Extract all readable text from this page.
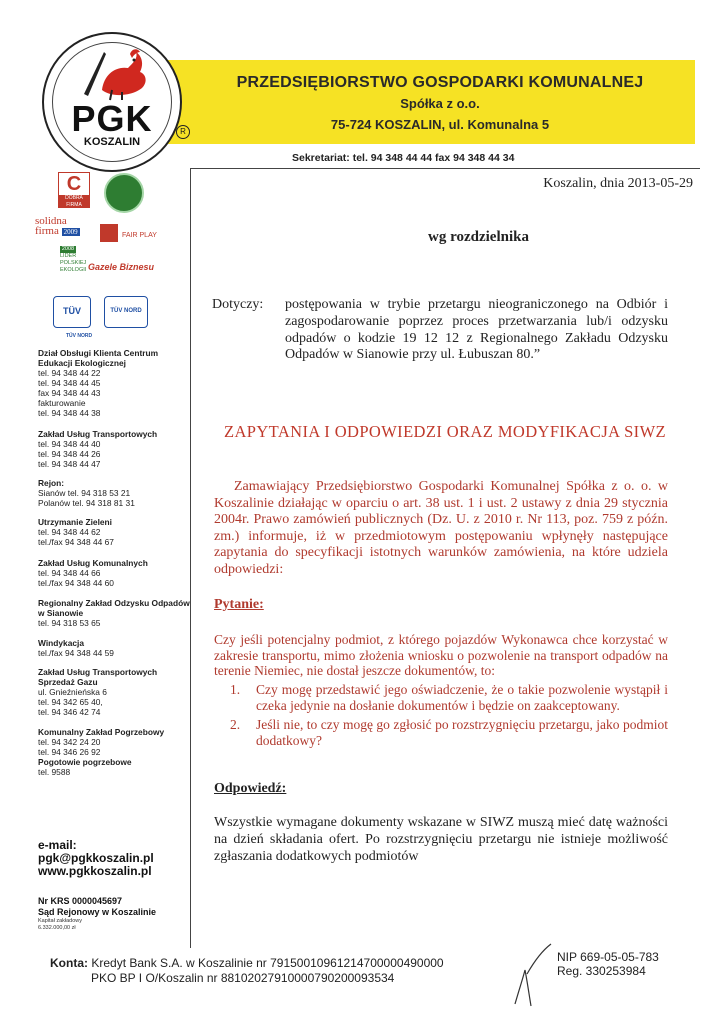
PRZEDSIĘBIORSTWO GOSPODARKI KOMUNALNEJ
Spółka z o.o.
75-724 KOSZALIN, ul. Komunalna 5
Sekretariat: tel. 94 348 44 44 fax 94 348 44 34
PGK
KOSZALIN
R
C
DOBRA FIRMA
solidna firma 2009	FAIR PLAY
2008
LIDER POLSKIEJ EKOLOGII Gazele Biznesu
TÜV	TÜV NORD
TÜV NORD
Dział Obsługi Klienta Centrum Edukacji Ekologicznej
tel. 94 348 44 22
tel. 94 348 44 45
fax 94 348 44 43
fakturowanie
tel. 94 348 44 38
Zakład Usług Transportowych
tel. 94 348 44 40
tel. 94 348 44 26
tel. 94 348 44 47
Rejon:
Sianów tel. 94 318 53 21
Polanów tel. 94 318 81 31
Utrzymanie Zieleni
tel. 94 348 44 62
tel./fax 94 348 44 67
Zakład Usług Komunalnych
tel. 94 348 44 66
tel./fax 94 348 44 60
Regionalny Zakład Odzysku Odpadów w Sianowie
tel. 94 318 53 65
Windykacja
tel./fax 94 348 44 59
Zakład Usług Transportowych Sprzedaż Gazu
ul. Gnieźnieńska 6
tel. 94 342 65 40,
tel. 94 346 42 74
Komunalny Zakład Pogrzebowy
tel. 94 342 24 20
tel. 94 346 26 92
Pogotowie pogrzebowe
tel. 9588
e-mail:
pgk@pgkkoszalin.pl
www.pgkkoszalin.pl
Nr KRS 0000045697
Sąd Rejonowy w Koszalinie
Kapitał zakładowy
6.332.000,00 zł
Koszalin, dnia 2013-05-29
wg rozdzielnika
Dotyczy: postępowania w trybie przetargu nieograniczonego na Odbiór i zagospodarowanie poprzez proces przetwarzania lub/i odzysku odpadów o kodzie 19 12 12 z Regionalnego Zakładu Odzysku Odpadów w Sianowie przy ul. Łubuszan 80.”
ZAPYTANIA I ODPOWIEDZI ORAZ MODYFIKACJA SIWZ
Zamawiający Przedsiębiorstwo Gospodarki Komunalnej Spółka z o. o. w Koszalinie działając w oparciu o art. 38 ust. 1 i ust. 2 ustawy z dnia 29 stycznia 2004r. Prawo zamówień publicznych (Dz. U. z 2010 r. Nr 113, poz. 759 z późn. zm.) informuje, iż w przedmiotowym postępowaniu wpłynęły następujące zapytania do specyfikacji istotnych warunków zamówienia, na które udziela odpowiedzi:
Pytanie:
Czy jeśli potencjalny podmiot, z którego pojazdów Wykonawca chce korzystać w zakresie transportu, mimo złożenia wniosku o pozwolenie na transport odpadów na terenie Niemiec, nie dostał jeszcze dokumentów, to:
1.	Czy mogę przedstawić jego oświadczenie, że o takie pozwolenie wystąpił i czeka jedynie na dosłanie dokumentów i będzie on zaakceptowany.
2.	Jeśli nie, to czy mogę go zgłosić po rozstrzygnięciu przetargu, jako podmiot dodatkowy?
Odpowiedź:
Wszystkie wymagane dokumenty wskazane w SIWZ muszą mieć datę ważności na dzień składania ofert. Po rozstrzygnięciu przetargu nie istnieje możliwość zgłaszania dodatkowych podmiotów
Konta: Kredyt Bank S.A. w Koszalinie nr 79150010961214700000490000
PKO BP I O/Koszalin nr 88102027910000790200093534
NIP 669-05-05-783
Reg. 330253984
